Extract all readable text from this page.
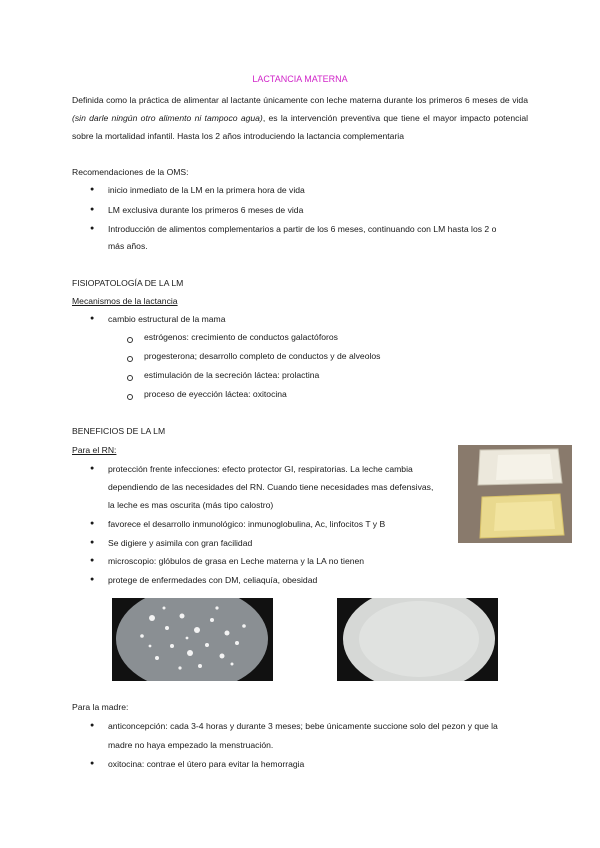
LACTANCIA MATERNA
Definida como la práctica de alimentar al lactante únicamente con leche materna durante los primeros 6 meses de vida (sin darle ningún otro alimento ni tampoco agua), es la intervención preventiva que tiene el mayor impacto potencial sobre la mortalidad infantil. Hasta los 2 años introduciendo la lactancia complementaria
Recomendaciones de la OMS:
● inicio inmediato de la LM en la primera hora de vida
● LM exclusiva durante los primeros 6 meses de vida
● Introducción de alimentos complementarios a partir de los 6 meses, continuando con LM hasta los 2 o
más años.
FISIOPATOLOGÍA DE LA LM
Mecanismos de la lactancia
● cambio estructural de la mama
estrógenos: crecimiento de conductos galactóforos
progesterona; desarrollo completo de conductos y de alveolos
estimulación de la secreción láctea: prolactina
proceso de eyección láctea: oxitocina
BENEFICIOS DE LA LM
Para el RN:
● protección frente infecciones: efecto protector GI, respiratorias. La leche cambia
dependiendo de las necesidades del RN. Cuando tiene necesidades mas defensivas,
la leche es mas oscurita (más tipo calostro)
● favorece el desarrollo inmunológico: inmunoglobulina, Ac, linfocitos T y B
● Se digiere y asimila con gran facilidad
● microscopio: glóbulos de grasa en Leche materna y la LA no tienen
● protege de enfermedades con DM, celiaquía, obesidad
Para la madre:
● anticoncepción: cada 3-4 horas y durante 3 meses; bebe únicamente succione solo del pezon y que la
madre no haya empezado la menstruación.
● oxitocina: contrae el útero para evitar la hemorragia
